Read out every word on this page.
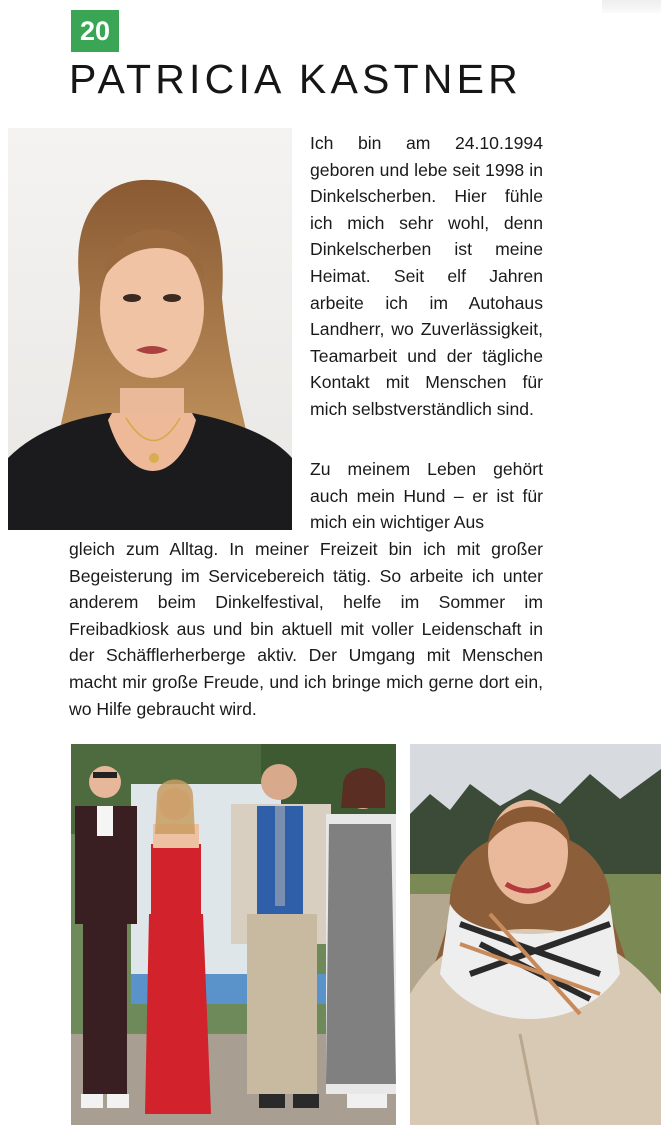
20
PATRICIA KASTNER

Ich bin am 24.10.1994 geboren und lebe seit 1998 in Dinkelscherben. Hier fühle ich mich sehr wohl, denn Dinkelscherben ist meine Heimat. Seit elf Jahren arbeite ich im Autohaus Landherr, wo Zuverlässigkeit, Teamarbeit und der tägliche Kontakt mit Menschen für mich selbstverständlich sind.

Zu meinem Leben gehört auch mein Hund – er ist für mich ein wichtiger Aus

gleich zum Alltag. In meiner Freizeit bin ich mit großer Begeisterung im Servicebereich tätig. So arbeite ich unter anderem beim Dinkelfestival, helfe im Sommer im Freibadkiosk aus und bin aktuell mit voller Leidenschaft in der Schäfflerherberge aktiv. Der Umgang mit Menschen macht mir große Freude, und ich bringe mich gerne dort ein, wo Hilfe gebraucht wird.
